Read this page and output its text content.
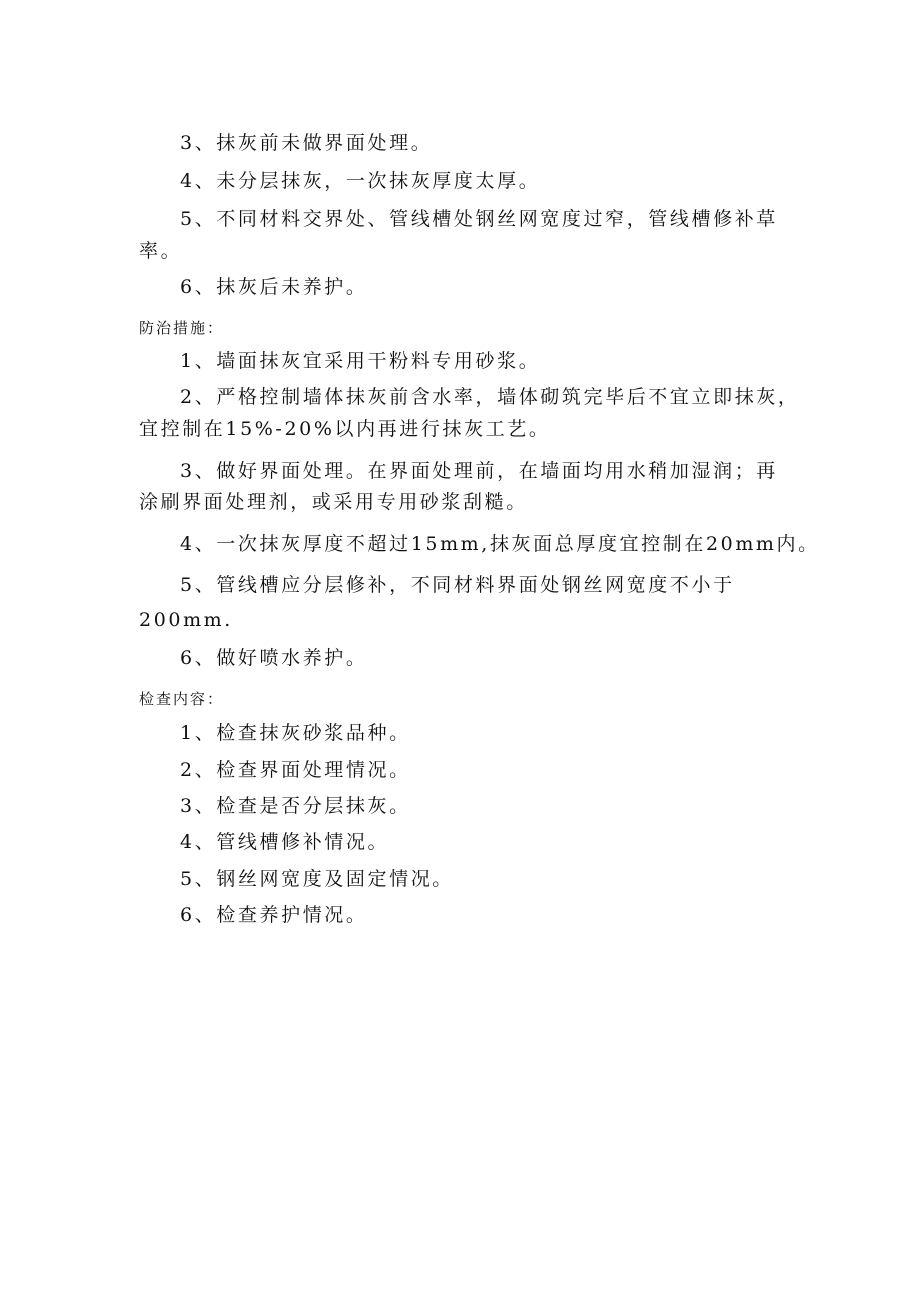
3、抹灰前未做界面处理。
4、未分层抹灰，一次抹灰厚度太厚。
5、不同材料交界处、管线槽处钢丝网宽度过窄，管线槽修补草
率。
6、抹灰后未养护。
防治措施：
1、墙面抹灰宜采用干粉料专用砂浆。
2、严格控制墙体抹灰前含水率，墙体砌筑完毕后不宜立即抹灰，
宜控制在15%-20%以内再进行抹灰工艺。
3、做好界面处理。在界面处理前，在墙面均用水稍加湿润；再
涂刷界面处理剂，或采用专用砂浆刮糙。
4、一次抹灰厚度不超过15mm,抹灰面总厚度宜控制在20mm内。
5、管线槽应分层修补，不同材料界面处钢丝网宽度不小于
200mm.
6、做好喷水养护。
检查内容：
1、检查抹灰砂浆品种。
2、检查界面处理情况。
3、检查是否分层抹灰。
4、管线槽修补情况。
5、钢丝网宽度及固定情况。
6、检查养护情况。
